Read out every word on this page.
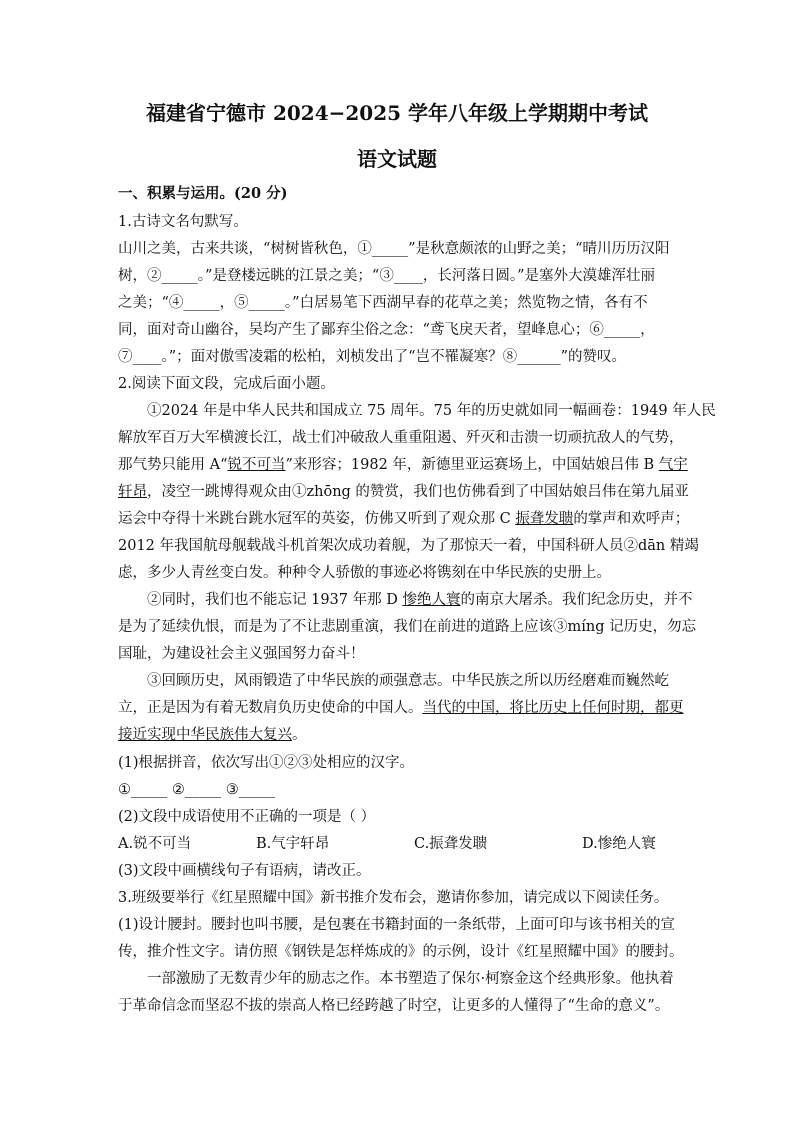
福建省宁德市 2024−2025 学年八年级上学期期中考试
语文试题
一、积累与运用。(20 分)
1.古诗文名句默写。
山川之美，古来共谈，“树树皆秋色，①_____”是秋意颇浓的山野之美；“晴川历历汉阳
树，②_____。”是登楼远眺的江景之美；“③____，长河落日圆。”是塞外大漠雄浑壮丽
之美；“④_____，⑤_____。”白居易笔下西湖早春的花草之美；然览物之情，各有不
同，面对奇山幽谷，吴均产生了鄙弃尘俗之念：“鸢飞戾天者，望峰息心；⑥_____，
⑦____。”；面对傲雪凌霜的松柏，刘桢发出了“岂不罹凝寒？⑧______”的赞叹。
2.阅读下面文段，完成后面小题。
①2024 年是中华人民共和国成立 75 周年。75 年的历史就如同一幅画卷：1949 年人民
解放军百万大军横渡长江，战士们冲破敌人重重阻遏、歼灭和击溃一切顽抗敌人的气势，
那气势只能用 A“锐不可当”来形容；1982 年，新德里亚运赛场上，中国姑娘吕伟 B 气宇
轩昂，凌空一跳博得观众由①zhōng 的赞赏，我们也仿佛看到了中国姑娘吕伟在第九届亚
运会中夺得十米跳台跳水冠军的英姿，仿佛又听到了观众那 C 振聋发聩的掌声和欢呼声；
2012 年我国航母舰载战斗机首架次成功着舰，为了那惊天一着，中国科研人员②dān 精竭
虑，多少人青丝变白发。种种令人骄傲的事迹必将镌刻在中华民族的史册上。
②同时，我们也不能忘记 1937 年那 D 惨绝人寰的南京大屠杀。我们纪念历史，并不
是为了延续仇恨，而是为了不让悲剧重演，我们在前进的道路上应该③míng 记历史，勿忘
国耻，为建设社会主义强国努力奋斗！
③回顾历史，风雨锻造了中华民族的顽强意志。中华民族之所以历经磨难而巍然屹
立，正是因为有着无数肩负历史使命的中国人。当代的中国，将比历史上任何时期，都更
接近实现中华民族伟大复兴。
(1)根据拼音，依次写出①②③处相应的汉字。
①_____ ②_____ ③_____
(2)文段中成语使用不正确的一项是（ ）
A.锐不可当	B.气宇轩昂	C.振聋发聩	D.惨绝人寰
(3)文段中画横线句子有语病，请改正。
3.班级要举行《红星照耀中国》新书推介发布会，邀请你参加，请完成以下阅读任务。
(1)设计腰封。腰封也叫书腰，是包裹在书籍封面的一条纸带，上面可印与该书相关的宣
传，推介性文字。请仿照《钢铁是怎样炼成的》的示例，设计《红星照耀中国》的腰封。
一部激励了无数青少年的励志之作。本书塑造了保尔·柯察金这个经典形象。他执着
于革命信念而坚忍不拔的崇高人格已经跨越了时空，让更多的人懂得了“生命的意义”。
